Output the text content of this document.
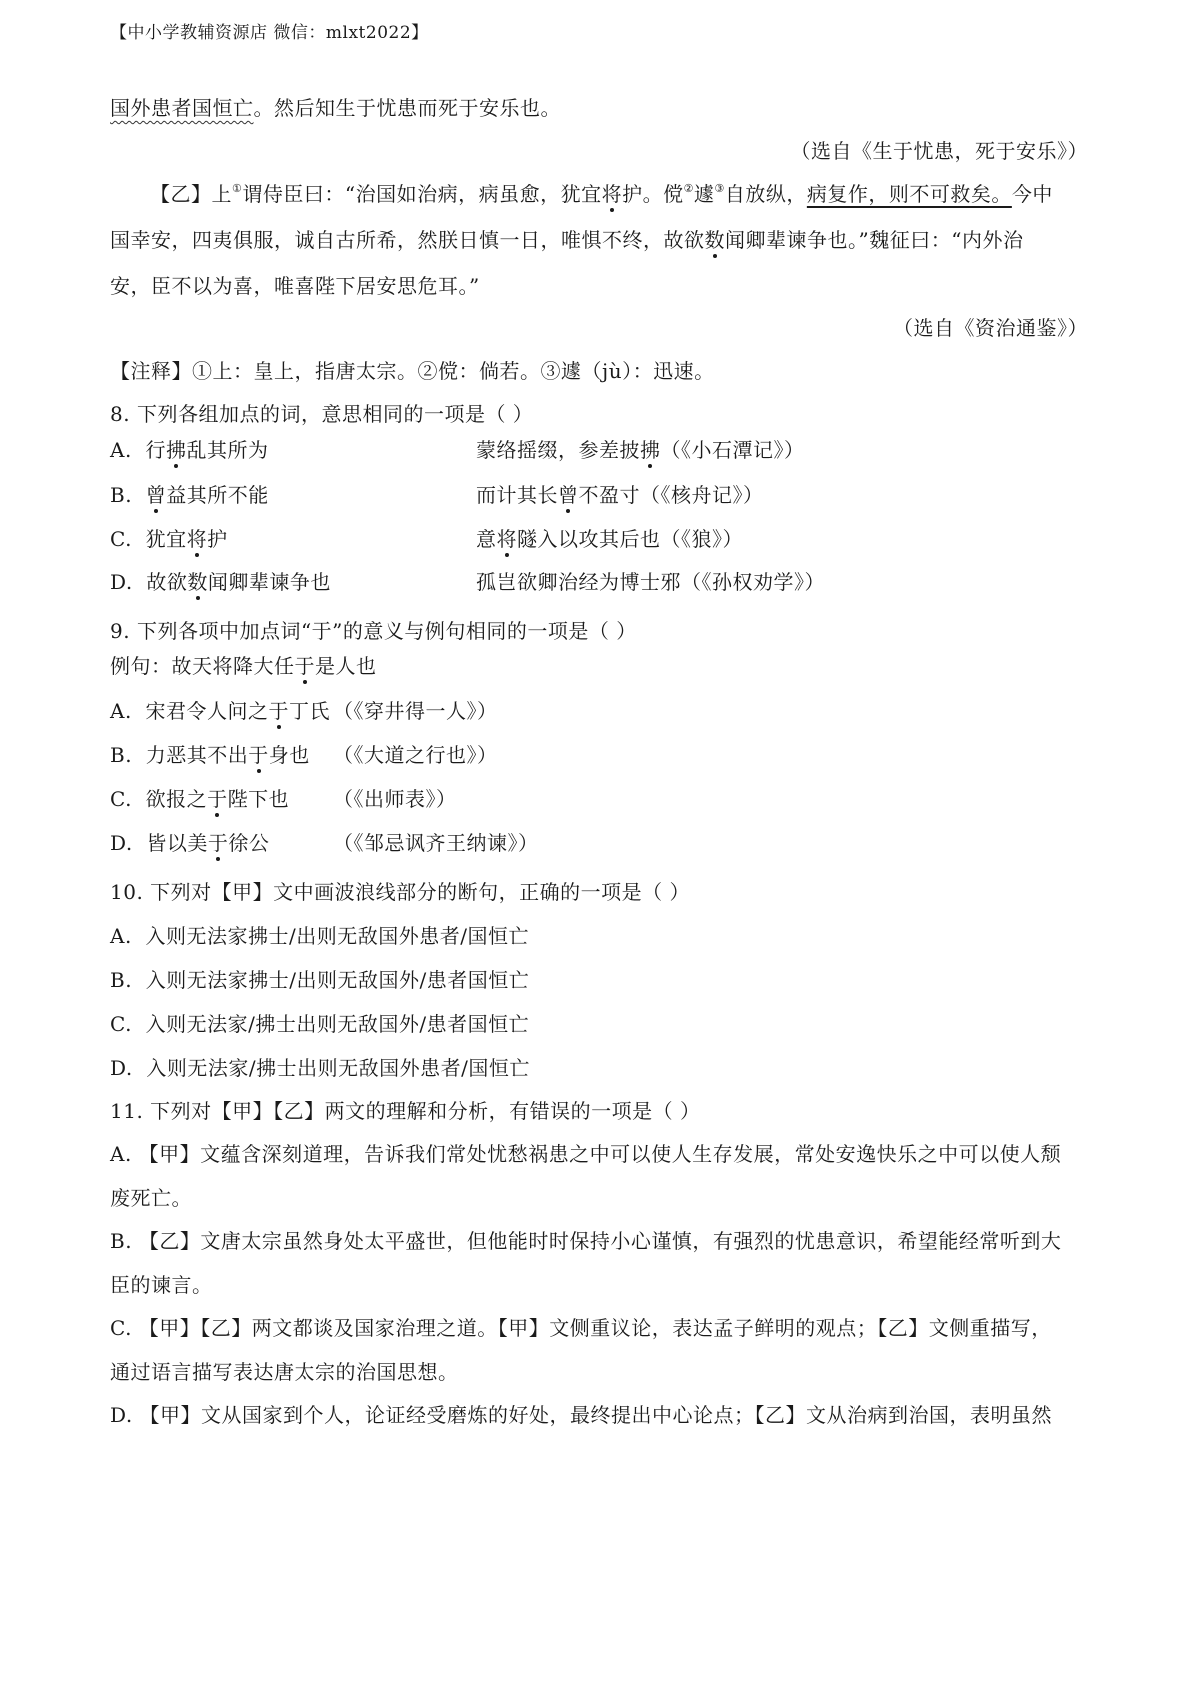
【中小学教辅资源店 微信：mlxt2022】
国外患者国恒亡。然后知生于忧患而死于安乐也。
（选自《生于忧患，死于安乐》）
【乙】上①谓侍臣曰：“治国如治病，病虽愈，犹宜将护。傥②遽③自放纵，病复作，则不可救矣。今中
国幸安，四夷俱服，诚自古所希，然朕日慎一日，唯惧不终，故欲数闻卿辈谏争也。”魏征曰：“内外治
安，臣不以为喜，唯喜陛下居安思危耳。”
（选自《资治通鉴》）
【注释】①上：皇上，指唐太宗。②傥：倘若。③遽（jù）：迅速。
8. 下列各组加点的词，意思相同的一项是（ ）
A. 行拂乱其所为	蒙络摇缀，参差披拂（《小石潭记》）
B. 曾益其所不能	而计其长曾不盈寸（《核舟记》）
C. 犹宜将护	意将隧入以攻其后也（《狼》）
D. 故欲数闻卿辈谏争也	孤岂欲卿治经为博士邪（《孙权劝学》）
9. 下列各项中加点词“于”的意义与例句相同的一项是（ ）
例句：故天将降大任于是人也
A. 宋君令人问之于丁氏 （《穿井得一人》）
B. 力恶其不出于身也 （《大道之行也》）
C. 欲报之于陛下也 （《出师表》）
D. 皆以美于徐公	（《邹忌讽齐王纳谏》）
10. 下列对【甲】文中画波浪线部分的断句，正确的一项是（ ）
A. 入则无法家拂士/出则无敌国外患者/国恒亡
B. 入则无法家拂士/出则无敌国外/患者国恒亡
C. 入则无法家/拂士出则无敌国外/患者国恒亡
D. 入则无法家/拂士出则无敌国外患者/国恒亡
11. 下列对【甲】【乙】两文的理解和分析，有错误的一项是（ ）
A. 【甲】文蕴含深刻道理，告诉我们常处忧愁祸患之中可以使人生存发展，常处安逸快乐之中可以使人颓
废死亡。
B. 【乙】文唐太宗虽然身处太平盛世，但他能时时保持小心谨慎，有强烈的忧患意识，希望能经常听到大
臣的谏言。
C. 【甲】【乙】两文都谈及国家治理之道。【甲】文侧重议论，表达孟子鲜明的观点；【乙】文侧重描写，
通过语言描写表达唐太宗的治国思想。
D. 【甲】文从国家到个人，论证经受磨炼的好处，最终提出中心论点；【乙】文从治病到治国，表明虽然
